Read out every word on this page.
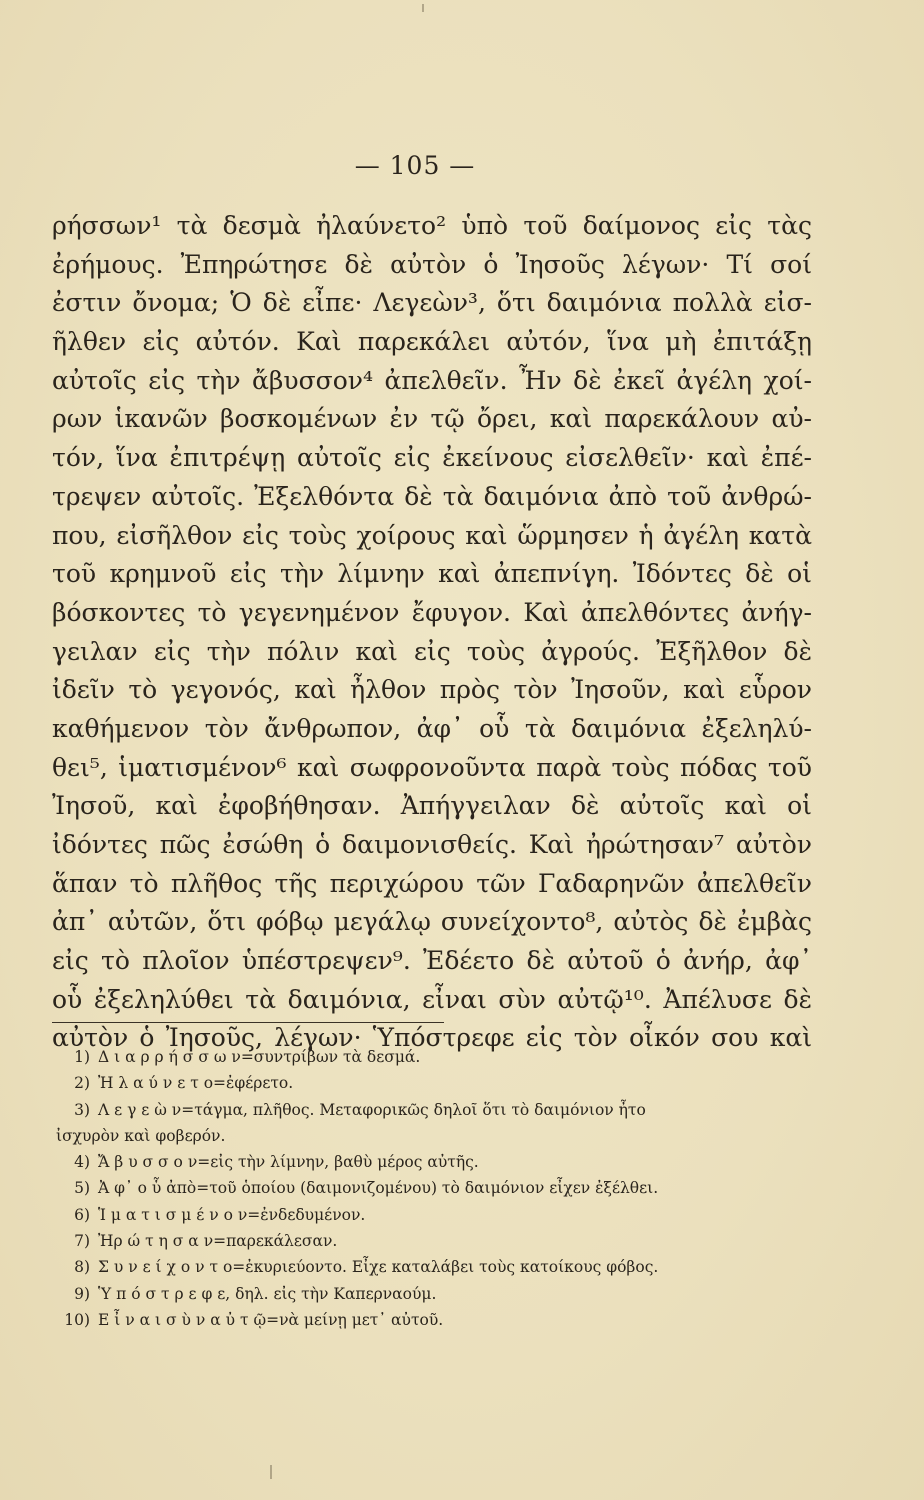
— 105 —
ρήσσων¹ τὰ δεσμὰ ἠλαύνετο² ὑπὸ τοῦ δαίμονος εἰς τὰς
ἐρήμους. Ἐπηρώτησε δὲ αὐτὸν ὁ Ἰησοῦς λέγων· Τί σοί
ἐστιν ὄνομα; Ὁ δὲ εἶπε· Λεγεὼν³, ὅτι δαιμόνια πολλὰ εἰσ-
ῆλθεν εἰς αὐτόν. Καὶ παρεκάλει αὐτόν, ἵνα μὴ ἐπιτάξῃ
αὐτοῖς εἰς τὴν ἄβυσσον⁴ ἀπελθεῖν. Ἦν δὲ ἐκεῖ ἀγέλη χοί-
ρων ἱκανῶν βοσκομένων ἐν τῷ ὄρει, καὶ παρεκάλουν αὐ-
τόν, ἵνα ἐπιτρέψῃ αὐτοῖς εἰς ἐκείνους εἰσελθεῖν· καὶ ἐπέ-
τρεψεν αὐτοῖς. Ἐξελθόντα δὲ τὰ δαιμόνια ἀπὸ τοῦ ἀνθρώ-
που, εἰσῆλθον εἰς τοὺς χοίρους καὶ ὥρμησεν ἡ ἀγέλη κατὰ
τοῦ κρημνοῦ εἰς τὴν λίμνην καὶ ἀπεπνίγη. Ἰδόντες δὲ οἱ
βόσκοντες τὸ γεγενημένον ἔφυγον. Καὶ ἀπελθόντες ἀνήγ-
γειλαν εἰς τὴν πόλιν καὶ εἰς τοὺς ἀγρούς. Ἐξῆλθον δὲ
ἰδεῖν τὸ γεγονός, καὶ ἦλθον πρὸς τὸν Ἰησοῦν, καὶ εὗρον
καθήμενον τὸν ἄνθρωπον, ἀφ᾽ οὗ τὰ δαιμόνια ἐξεληλύ-
θει⁵, ἱματισμένον⁶ καὶ σωφρονοῦντα παρὰ τοὺς πόδας τοῦ
Ἰησοῦ, καὶ ἐφοβήθησαν. Ἀπήγγειλαν δὲ αὐτοῖς καὶ οἱ
ἰδόντες πῶς ἐσώθη ὁ δαιμονισθείς. Καὶ ἠρώτησαν⁷ αὐτὸν
ἅπαν τὸ πλῆθος τῆς περιχώρου τῶν Γαδαρηνῶν ἀπελθεῖν
ἀπ᾽ αὐτῶν, ὅτι φόβῳ μεγάλῳ συνείχοντο⁸, αὐτὸς δὲ ἐμβὰς
εἰς τὸ πλοῖον ὑπέστρεψεν⁹. Ἐδέετο δὲ αὐτοῦ ὁ ἀνήρ, ἀφ᾽
οὗ ἐξεληλύθει τὰ δαιμόνια, εἶναι σὺν αὐτῷ¹⁰. Ἀπέλυσε δὲ
αὐτὸν ὁ Ἰησοῦς, λέγων· Ὑπόστρεφε εἰς τὸν οἶκόν σου καὶ
1) Δ ι α ρ ρ ή σ σ ω ν=συντρίβων τὰ δεσμά.
2) Ἠ λ α ύ ν ε τ ο=ἐφέρετο.
3) Λ ε γ ε ὼ ν=τάγμα, πλῆθος. Μεταφορικῶς δηλοῖ ὅτι τὸ δαιμόνιον ἦτο
ἰσχυρὸν καὶ φοβερόν.
4) Ἄ β υ σ σ ο ν=εἰς τὴν λίμνην, βαθὺ μέρος αὐτῆς.
5) Ἀ φ᾽ ο ὗ ἀπὸ=τοῦ ὁποίου (δαιμονιζομένου) τὸ δαιμόνιον εἶχεν ἐξέλθει.
6) Ἱ μ α τ ι σ μ έ ν ο ν=ἐνδεδυμένον.
7) Ἠρ ώ τ η σ α ν=παρεκάλεσαν.
8) Σ υ ν ε ί χ ο ν τ ο=ἐκυριεύοντο. Εἶχε καταλάβει τοὺς κατοίκους φόβος.
9) Ὑ π ό σ τ ρ ε φ ε, δηλ. εἰς τὴν Καπερναούμ.
10) Ε ἶ ν α ι σ ὺ ν α ὐ τ ῷ=νὰ μείνῃ μετ᾽ αὐτοῦ.
